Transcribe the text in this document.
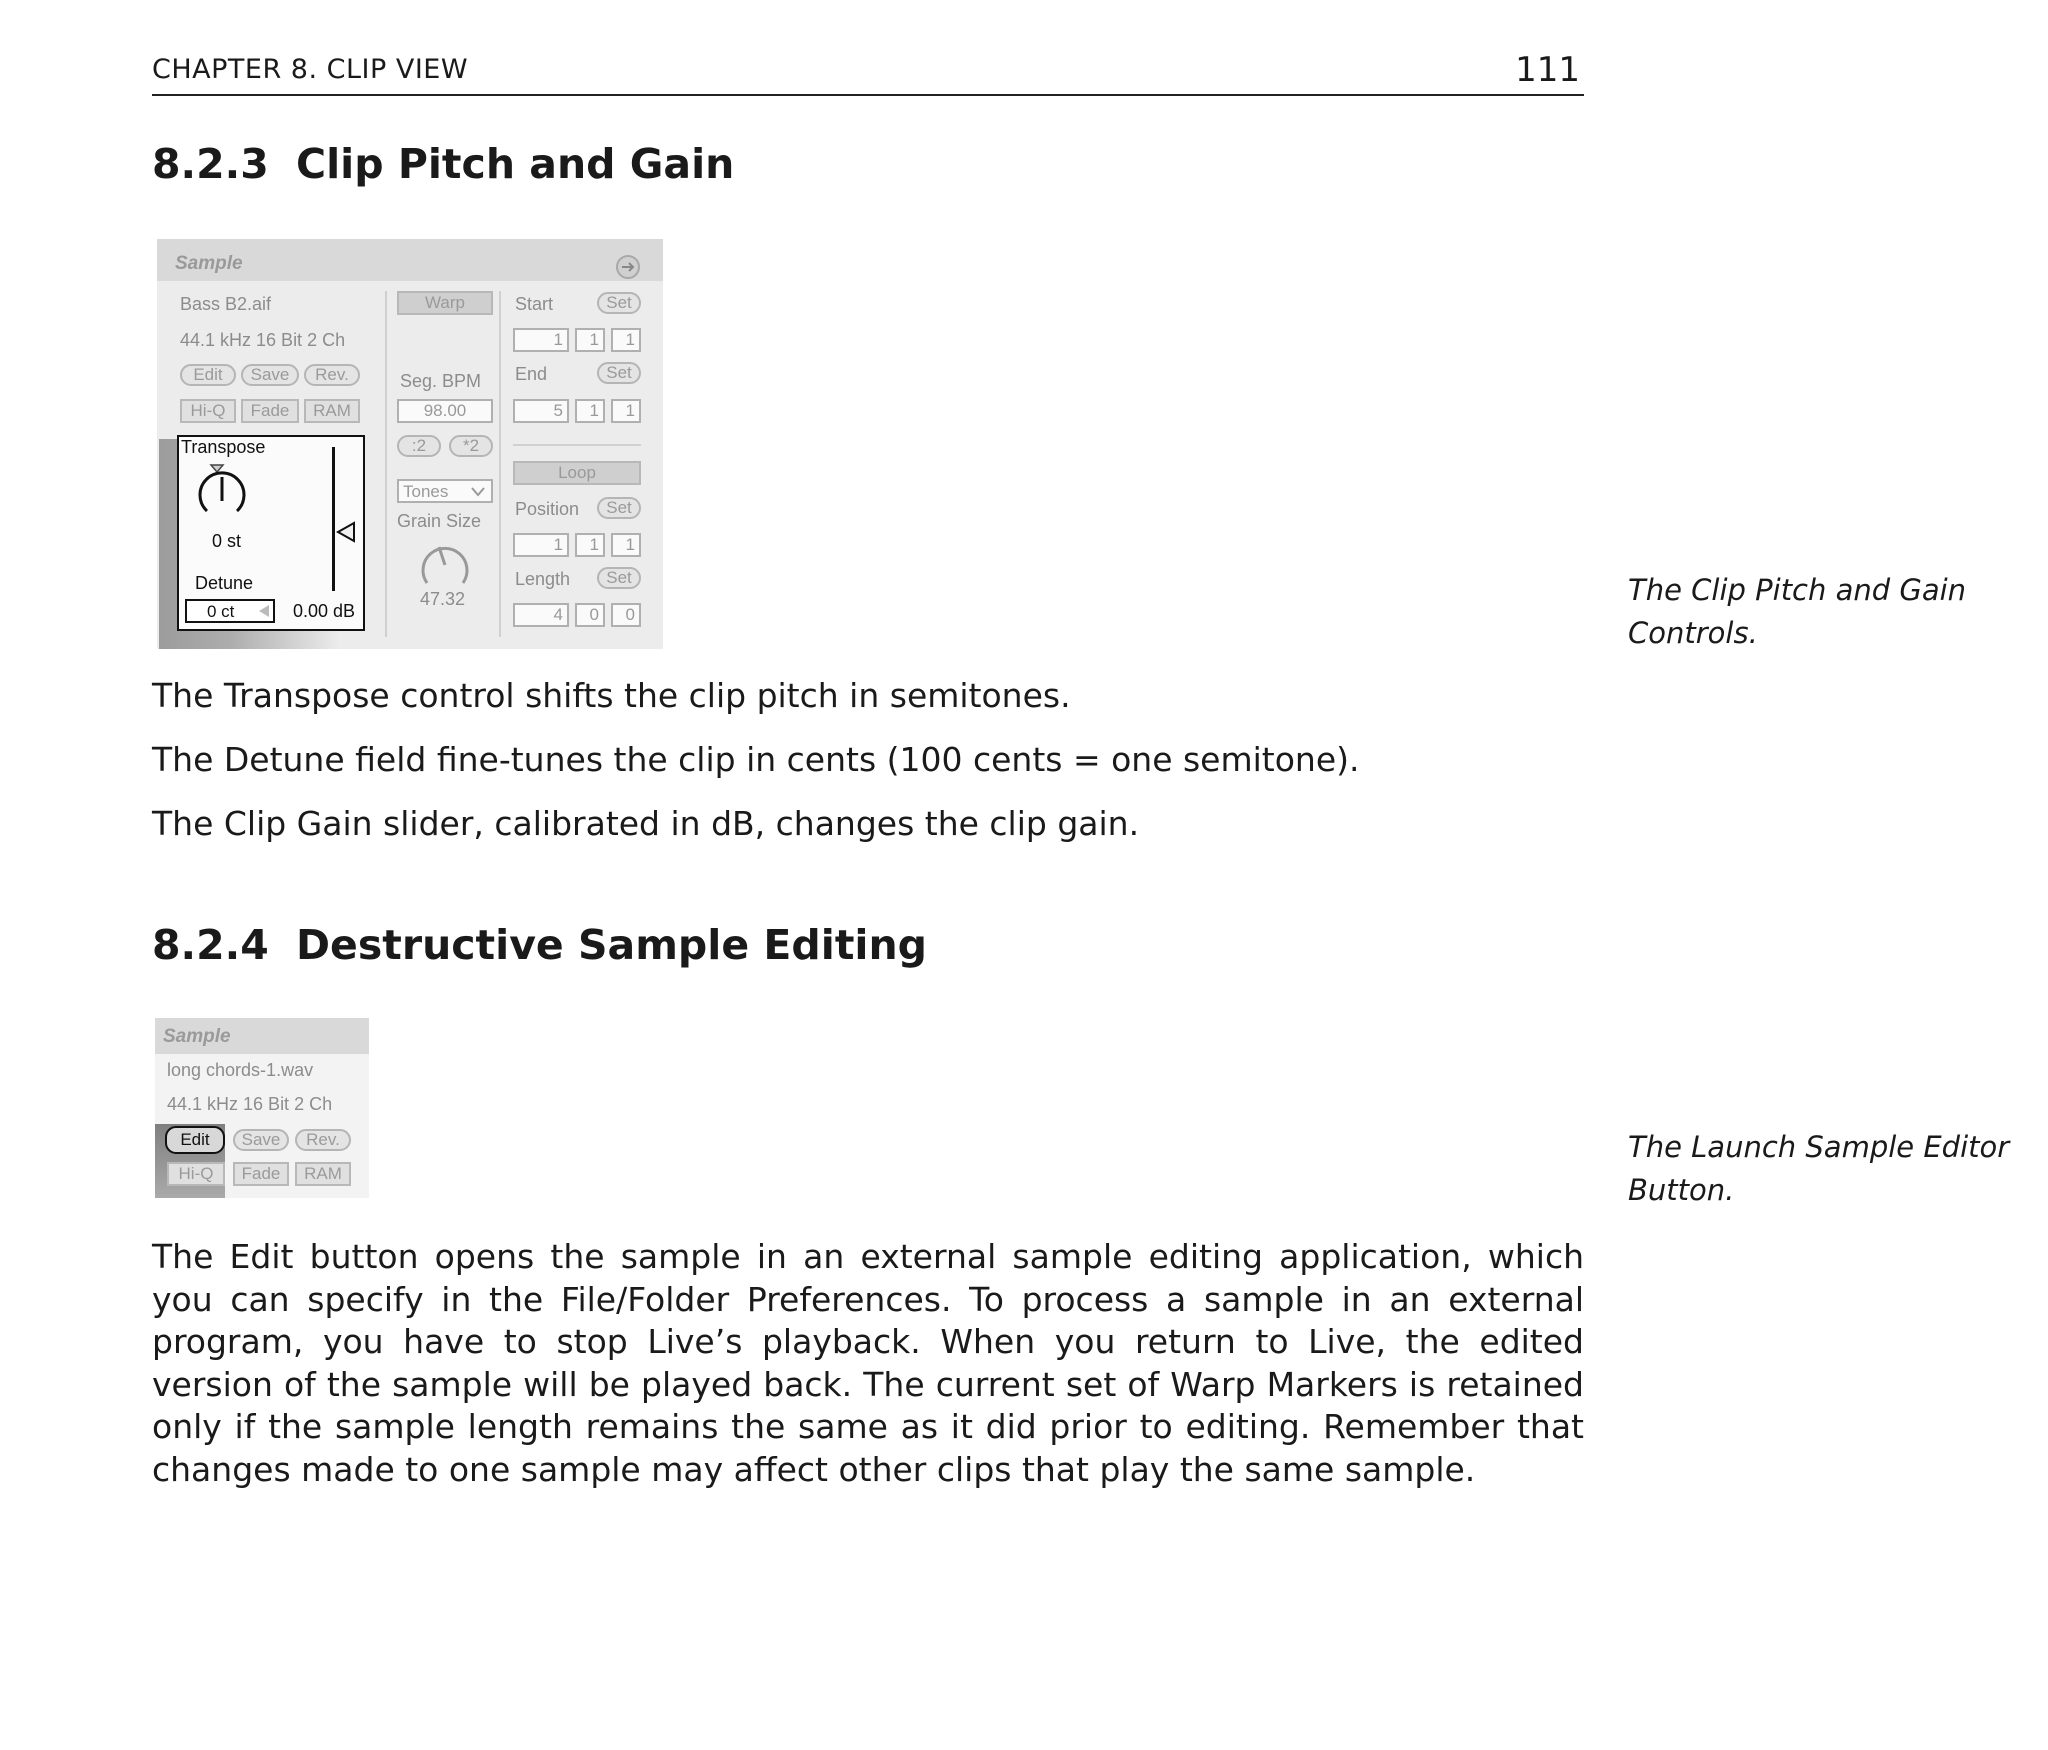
CHAPTER 8. CLIP VIEW	111
8.2.3 Clip Pitch and Gain
Sample
Bass B2.aif
44.1 kHz 16 Bit 2 Ch
Edit	Save	Rev.
Hi-Q	Fade	RAM
Transpose
0 st
Detune
0 ct	0.00 dB
Warp
Seg. BPM
98.00
:2	*2
Tones
Grain Size
47.32
Start	Set
1	1	1
End	Set
5	1	1
Loop
Position	Set
1	1	1
Length	Set
4	0	0
The Clip Pitch and Gain Controls.
The Transpose control shifts the clip pitch in semitones.
The Detune field fine-tunes the clip in cents (100 cents = one semitone).
The Clip Gain slider, calibrated in dB, changes the clip gain.
8.2.4 Destructive Sample Editing
Sample
long chords-1.wav
44.1 kHz 16 Bit 2 Ch
Edit	Save	Rev.
Hi-Q	Fade	RAM
The Launch Sample Editor Button.
The Edit button opens the sample in an external sample editing application, which you can specify in the File/Folder Preferences. To process a sample in an external program, you have to stop Live’s playback. When you return to Live, the edited version of the sample will be played back. The current set of Warp Markers is retained only if the sample length remains the same as it did prior to editing. Remember that changes made to one sample may affect other clips that play the same sample.
